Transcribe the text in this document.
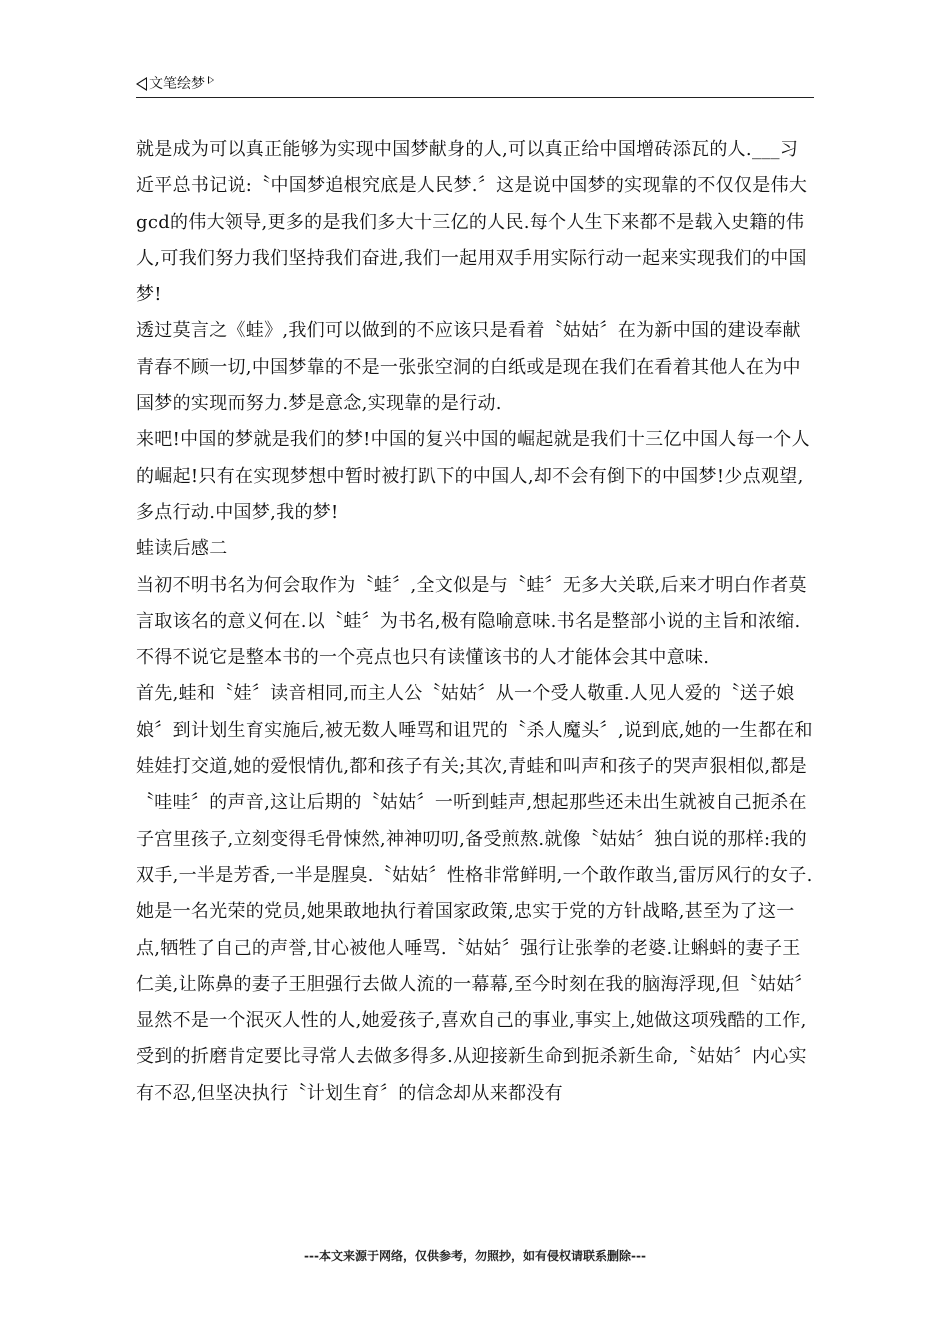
文笔绘梦

就是成为可以真正能够为实现中国梦献身的人,可以真正给中国增砖添瓦的人.___习近平总书记说:〝中国梦追根究底是人民梦.〞这是说中国梦的实现靠的不仅仅是伟大gcd的伟大领导,更多的是我们多大十三亿的人民.每个人生下来都不是载入史籍的伟人,可我们努力我们坚持我们奋进,我们一起用双手用实际行动一起来实现我们的中国梦!

透过莫言之《蛙》,我们可以做到的不应该只是看着〝姑姑〞在为新中国的建设奉献青春不顾一切,中国梦靠的不是一张张空洞的白纸或是现在我们在看着其他人在为中国梦的实现而努力.梦是意念,实现靠的是行动.

来吧!中国的梦就是我们的梦!中国的复兴中国的崛起就是我们十三亿中国人每一个人的崛起!只有在实现梦想中暂时被打趴下的中国人,却不会有倒下的中国梦!少点观望,多点行动.中国梦,我的梦!

蛙读后感二

当初不明书名为何会取作为〝蛙〞,全文似是与〝蛙〞无多大关联,后来才明白作者莫言取该名的意义何在.以〝蛙〞为书名,极有隐喻意味.书名是整部小说的主旨和浓缩.不得不说它是整本书的一个亮点也只有读懂该书的人才能体会其中意味.

首先,蛙和〝娃〞读音相同,而主人公〝姑姑〞从一个受人敬重.人见人爱的〝送子娘娘〞到计划生育实施后,被无数人唾骂和诅咒的〝杀人魔头〞,说到底,她的一生都在和娃娃打交道,她的爱恨情仇,都和孩子有关;其次,青蛙和叫声和孩子的哭声狠相似,都是〝哇哇〞的声音,这让后期的〝姑姑〞一听到蛙声,想起那些还未出生就被自己扼杀在子宫里孩子,立刻变得毛骨悚然,神神叨叨,备受煎熬.就像〝姑姑〞独白说的那样:我的双手,一半是芳香,一半是腥臭.〝姑姑〞性格非常鲜明,一个敢作敢当,雷厉风行的女子.

她是一名光荣的党员,她果敢地执行着国家政策,忠实于党的方针战略,甚至为了这一点,牺牲了自己的声誉,甘心被他人唾骂.〝姑姑〞强行让张拳的老婆.让蝌蚪的妻子王仁美,让陈鼻的妻子王胆强行去做人流的一幕幕,至今时刻在我的脑海浮现,但〝姑姑〞显然不是一个泯灭人性的人,她爱孩子,喜欢自己的事业,事实上,她做这项残酷的工作,受到的折磨肯定要比寻常人去做多得多.从迎接新生命到扼杀新生命,〝姑姑〞内心实有不忍,但坚决执行〝计划生育〞的信念却从来都没有

---本文来源于网络，仅供参考，勿照抄，如有侵权请联系删除---
